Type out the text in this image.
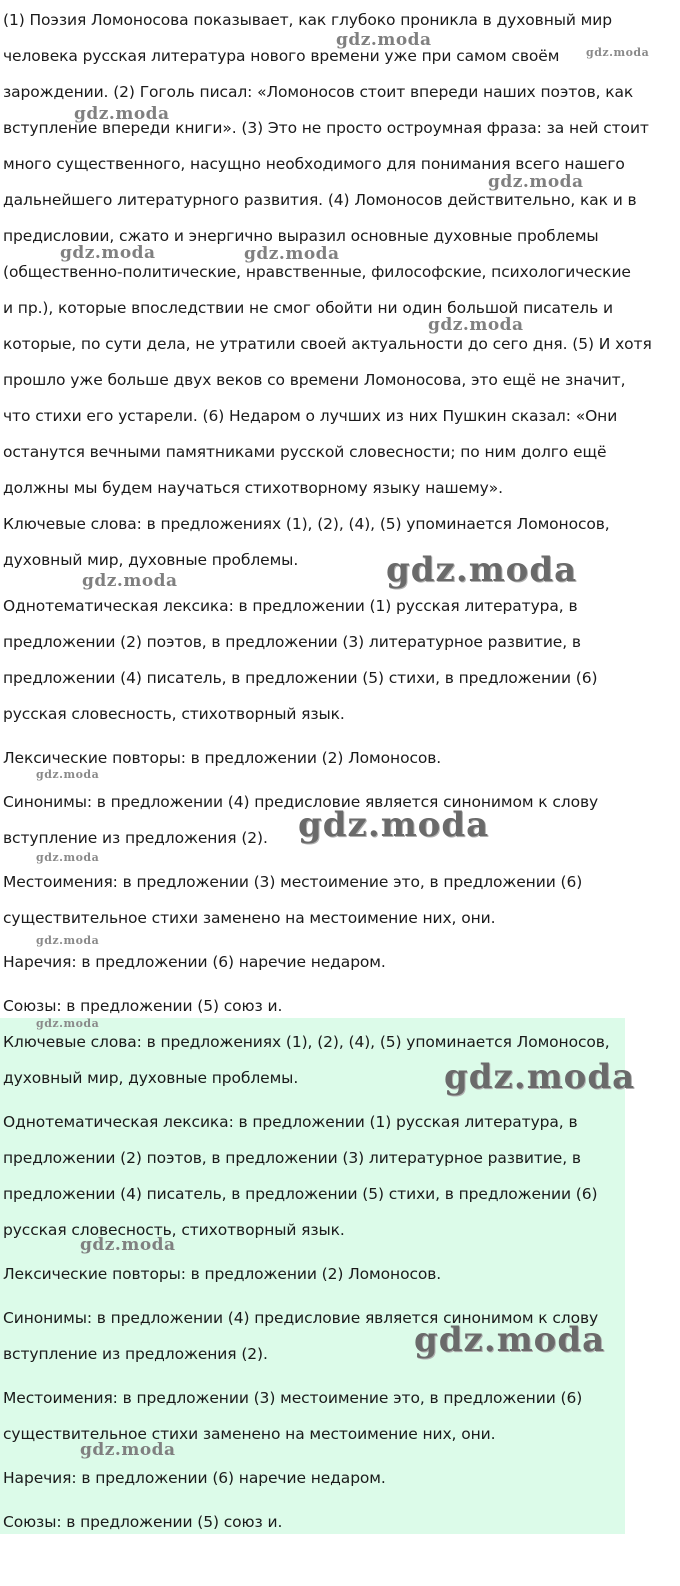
(1) Поэзия Ломоносова показывает, как глубоко проникла в духовный мир
человека русская литература нового времени уже при самом своём
зарождении. (2) Гоголь писал: «Ломоносов стоит впереди наших поэтов, как
вступление впереди книги». (3) Это не просто остроумная фраза: за ней стоит
много существенного, насущно необходимого для понимания всего нашего
дальнейшего литературного развития. (4) Ломоносов действительно, как и в
предисловии, сжато и энергично выразил основные духовные проблемы
(общественно-политические, нравственные, философские, психологические
и пр.), которые впоследствии не смог обойти ни один большой писатель и
которые, по сути дела, не утратили своей актуальности до сего дня. (5) И хотя
прошло уже больше двух веков со времени Ломоносова, это ещё не значит,
что стихи его устарели. (6) Недаром о лучших из них Пушкин сказал: «Они
останутся вечными памятниками русской словесности; по ним долго ещё
должны мы будем научаться стихотворному языку нашему».
Ключевые слова: в предложениях (1), (2), (4), (5) упоминается Ломоносов,
духовный мир, духовные проблемы.
Однотематическая лексика: в предложении (1) русская литература, в
предложении (2) поэтов, в предложении (3) литературное развитие, в
предложении (4) писатель, в предложении (5) стихи, в предложении (6)
русская словесность, стихотворный язык.
Лексические повторы: в предложении (2) Ломоносов.
Синонимы: в предложении (4) предисловие является синонимом к слову
вступление из предложения (2).
Местоимения: в предложении (3) местоимение это, в предложении (6)
существительное стихи заменено на местоимение них, они.
Наречия: в предложении (6) наречие недаром.
Союзы: в предложении (5) союз и.
Ключевые слова: в предложениях (1), (2), (4), (5) упоминается Ломоносов,
духовный мир, духовные проблемы.
Однотематическая лексика: в предложении (1) русская литература, в
предложении (2) поэтов, в предложении (3) литературное развитие, в
предложении (4) писатель, в предложении (5) стихи, в предложении (6)
русская словесность, стихотворный язык.
Лексические повторы: в предложении (2) Ломоносов.
Синонимы: в предложении (4) предисловие является синонимом к слову
вступление из предложения (2).
Местоимения: в предложении (3) местоимение это, в предложении (6)
существительное стихи заменено на местоимение них, они.
Наречия: в предложении (6) наречие недаром.
Союзы: в предложении (5) союз и.
gdz.moda
gdz.moda
gdz.moda
gdz.moda
gdz.moda	gdz.moda
gdz.moda
gdz.moda	gdz.moda
gdz.moda
gdz.moda
gdz.moda
gdz.moda
gdz.moda
gdz.moda
gdz.moda
gdz.moda
gdz.moda
